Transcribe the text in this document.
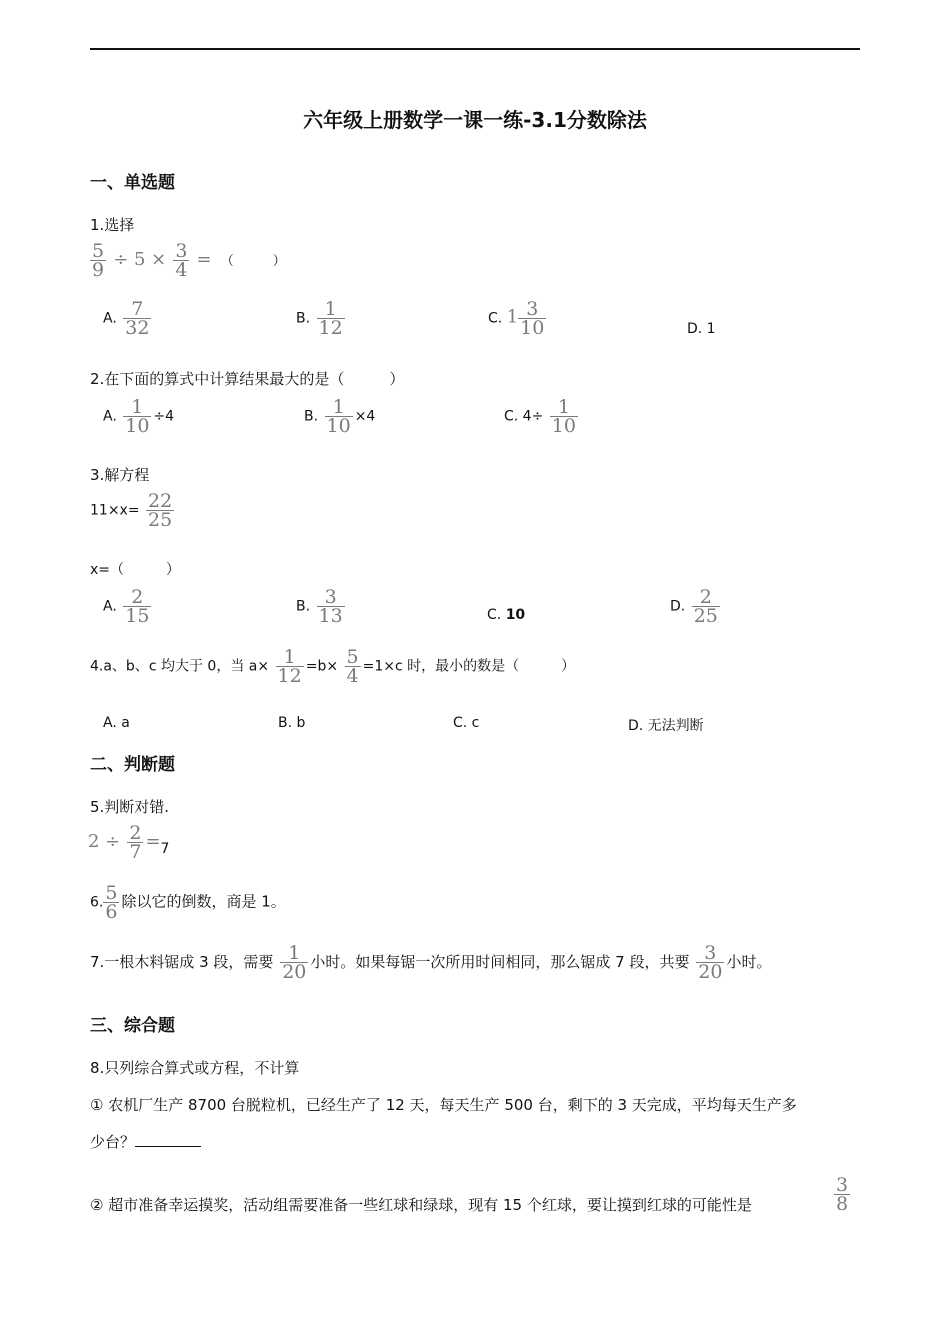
六年级上册数学一课一练-3.1分数除法
一、单选题
1.选择
$\frac{5}{9} \div 5 \times \frac{3}{4}$ = （　　　）
A. $\frac{7}{32}$	B. $\frac{1}{12}$	C. $1 \frac{3}{10}$	D. 1
2.在下面的算式中计算结果最大的是（　　　）
A. $\frac{1}{10} \div 4$	B. $\frac{1}{10} \times 4$	C. $4\div \frac{1}{10}$
3.解方程
$11\times x= \frac{22}{25}$
x=（　　　）
A. $\frac{2}{15}$	B. $\frac{3}{13}$	C. 10
D. $\frac{2}{25}$
4.a、b、c 均大于 0，当 $a\times \frac{1}{12} =b\times \frac{5}{4} =1\times c$ 时，最小的数是（　　　）
A. a	B. b	C. c	D. 无法判断
二、判断题
5.判断对错.
$2 \div \frac{2}{7} =7$
6. $\frac{5}{6}$ 除以它的倒数，商是 1。
7.一根木料锯成 3 段，需要 $\frac{1}{20}$ 小时。如果每锯一次所用时间相同，那么锯成 7 段，共要 $\frac{3}{20}$ 小时。
三、综合题
8.只列综合算式或方程，不计算
① 农机厂生产 8700 台脱粒机，已经生产了 12 天，每天生产 500 台，剩下的 3 天完成，平均每天生产多
少台？
② 超市准备幸运摸奖，活动组需要准备一些红球和绿球，现有 15 个红球，要让摸到红球的可能性是	$\frac{3}{8}$
